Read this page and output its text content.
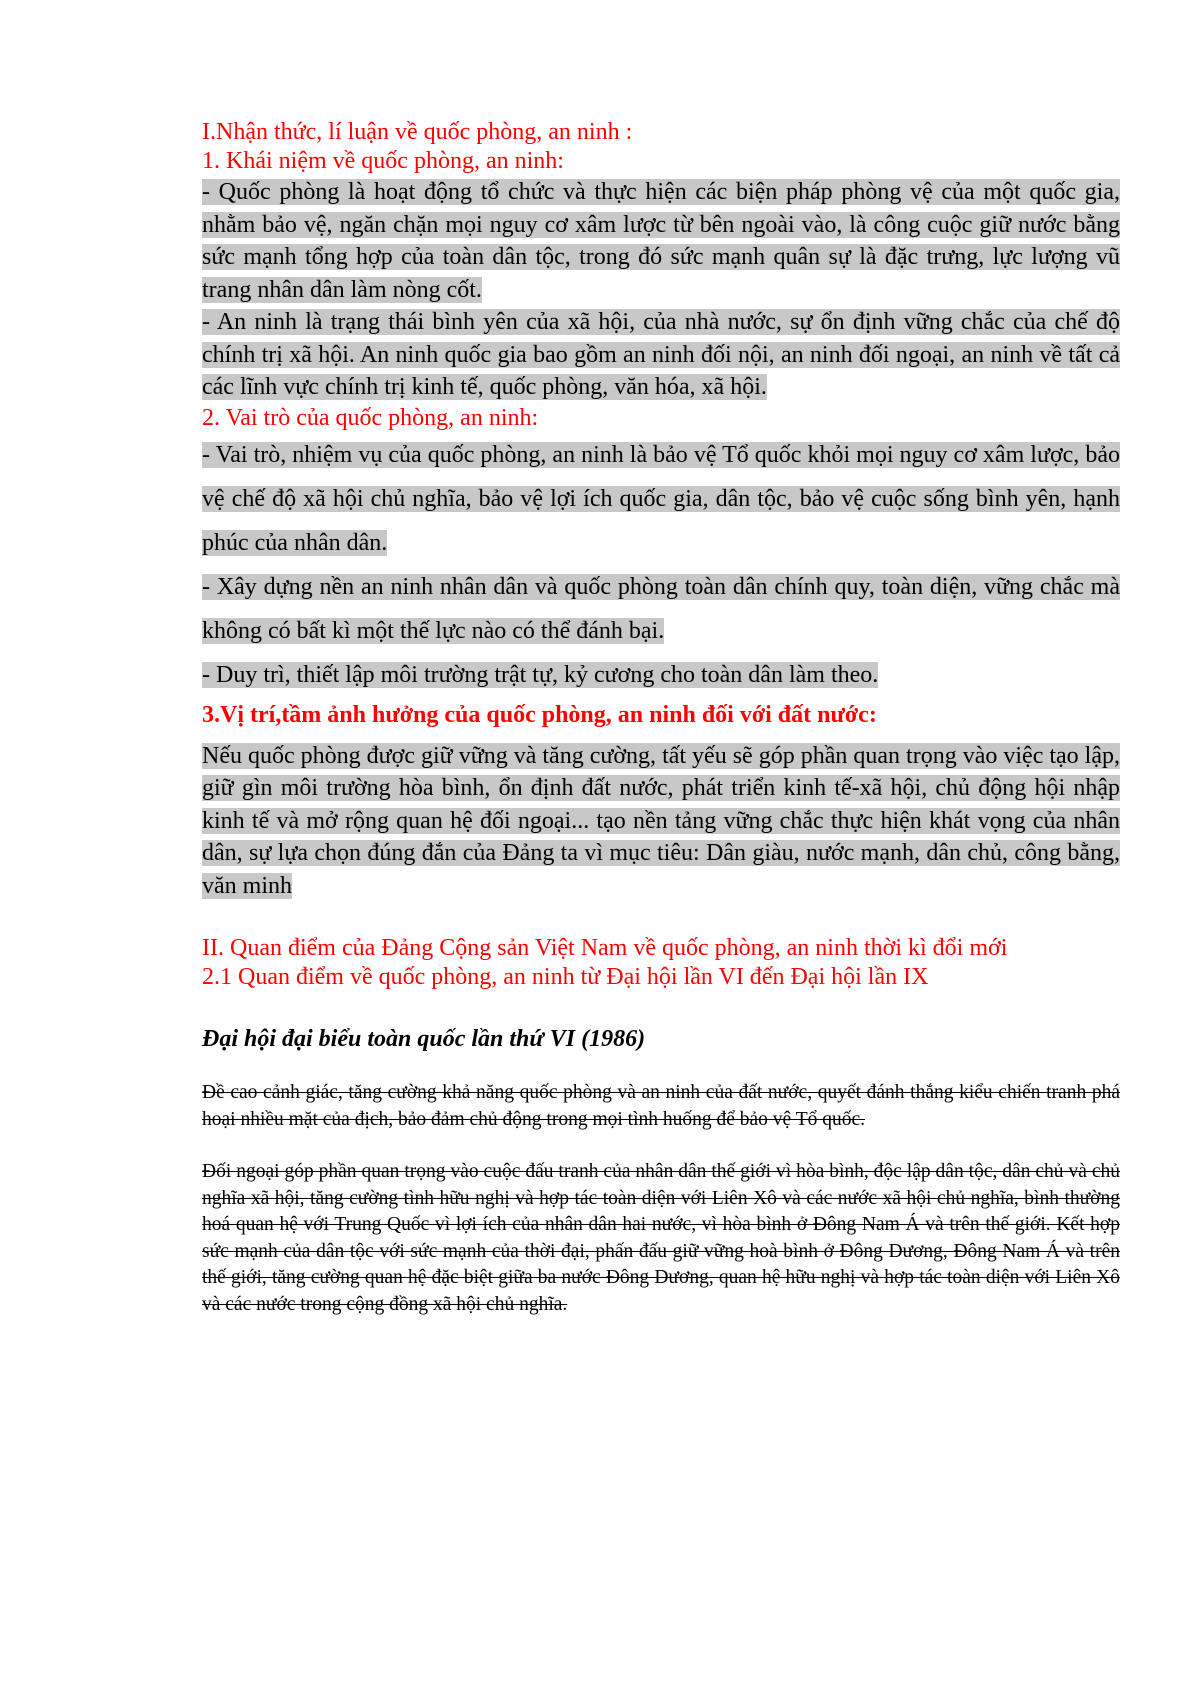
I.Nhận thức, lí luận về quốc phòng, an ninh :

1. Khái niệm về quốc phòng, an ninh:

- Quốc phòng là hoạt động tổ chức và thực hiện các biện pháp phòng vệ của một quốc gia, nhằm bảo vệ, ngăn chặn mọi nguy cơ xâm lược từ bên ngoài vào, là công cuộc giữ nước bằng sức mạnh tổng hợp của toàn dân tộc, trong đó sức mạnh quân sự là đặc trưng, lực lượng vũ trang nhân dân làm nòng cốt.

- An ninh là trạng thái bình yên của xã hội, của nhà nước, sự ổn định vững chắc của chế độ chính trị xã hội. An ninh quốc gia bao gồm an ninh đối nội, an ninh đối ngoại, an ninh về tất cả các lĩnh vực chính trị kinh tế, quốc phòng, văn hóa, xã hội.

2. Vai trò của quốc phòng, an ninh:

- Vai trò, nhiệm vụ của quốc phòng, an ninh là bảo vệ Tổ quốc khỏi mọi nguy cơ xâm lược, bảo vệ chế độ xã hội chủ nghĩa, bảo vệ lợi ích quốc gia, dân tộc, bảo vệ cuộc sống bình yên, hạnh phúc của nhân dân.

- Xây dựng nền an ninh nhân dân và quốc phòng toàn dân chính quy, toàn diện, vững chắc mà không có bất kì một thế lực nào có thể đánh bại.

- Duy trì, thiết lập môi trường trật tự, kỷ cương cho toàn dân làm theo.

3.Vị trí,tầm ảnh hưởng của quốc phòng, an ninh đối với đất nước:

Nếu quốc phòng được giữ vững và tăng cường, tất yếu sẽ góp phần quan trọng vào việc tạo lập, giữ gìn môi trường hòa bình, ổn định đất nước, phát triển kinh tế-xã hội, chủ động hội nhập kinh tế và mở rộng quan hệ đối ngoại... tạo nền tảng vững chắc thực hiện khát vọng của nhân dân, sự lựa chọn đúng đắn của Đảng ta vì mục tiêu: Dân giàu, nước mạnh, dân chủ, công bằng, văn minh

II. Quan điểm của Đảng Cộng sản Việt Nam về quốc phòng, an ninh thời kì đổi mới

2.1 Quan điểm về quốc phòng, an ninh từ Đại hội lần VI đến Đại hội lần IX

Đại hội đại biểu toàn quốc lần thứ VI (1986)

Đề cao cảnh giác, tăng cường khả năng quốc phòng và an ninh của đất nước, quyết đánh thắng kiểu chiến tranh phá hoại nhiều mặt của địch, bảo đảm chủ động trong mọi tình huống để bảo vệ Tổ quốc.

Đối ngoại góp phần quan trọng vào cuộc đấu tranh của nhân dân thế giới vì hòa bình, độc lập dân tộc, dân chủ và chủ nghĩa xã hội, tăng cường tình hữu nghị và hợp tác toàn diện với Liên Xô và các nước xã hội chủ nghĩa, bình thường hoá quan hệ với Trung Quốc vì lợi ích của nhân dân hai nước, vì hòa bình ở Đông Nam Á và trên thế giới. Kết hợp sức mạnh của dân tộc với sức mạnh của thời đại, phấn đấu giữ vững hoà bình ở Đông Dương, Đông Nam Á và trên thế giới, tăng cường quan hệ đặc biệt giữa ba nước Đông Dương, quan hệ hữu nghị và hợp tác toàn diện với Liên Xô và các nước trong cộng đồng xã hội chủ nghĩa.
